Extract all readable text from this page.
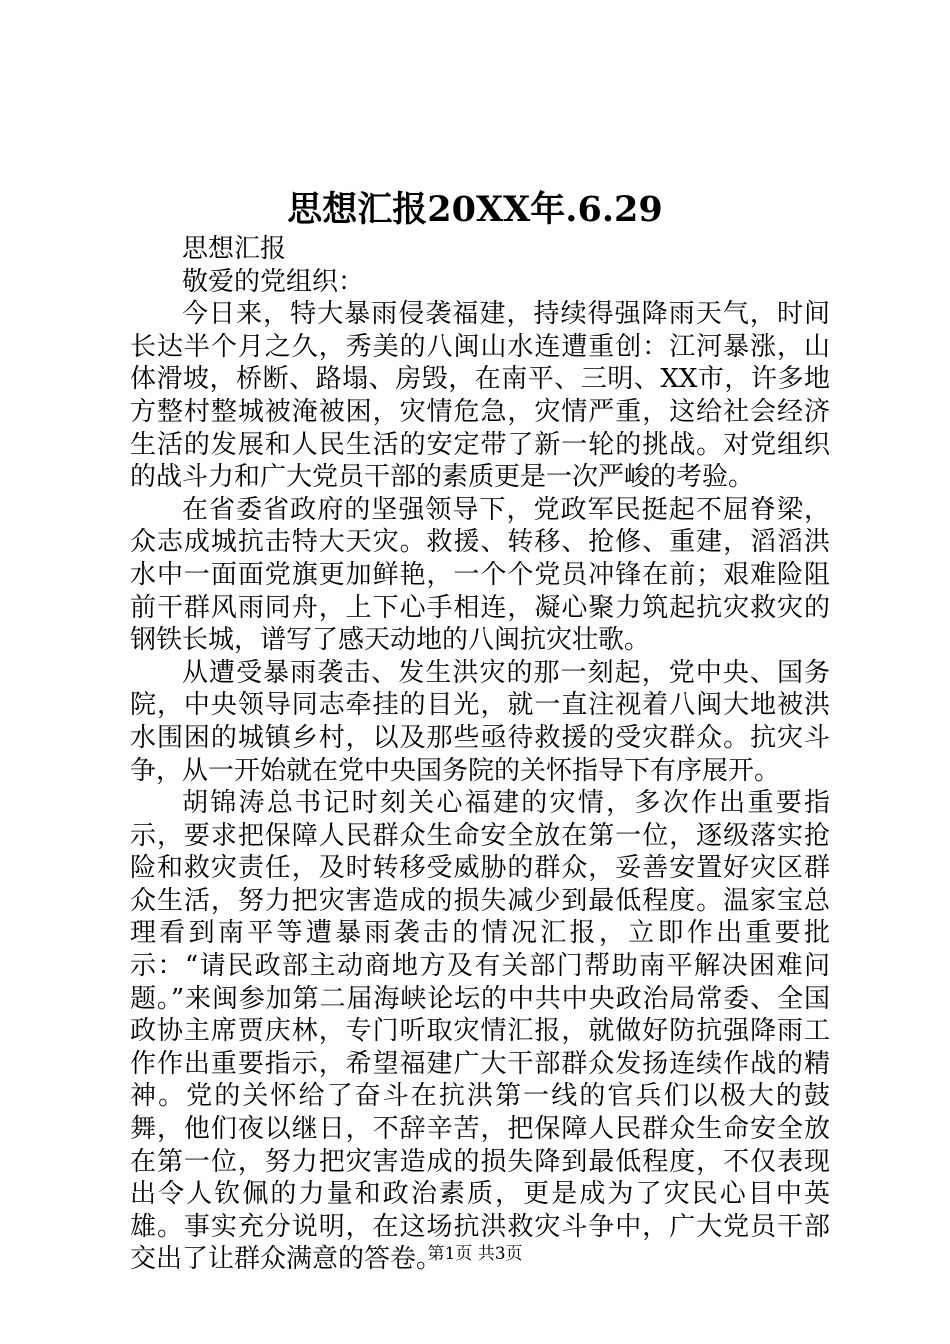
思想汇报20XX年.6.29

思想汇报

敬爱的党组织：

今日来，特大暴雨侵袭福建，持续得强降雨天气，时间长达半个月之久，秀美的八闽山水连遭重创：江河暴涨，山体滑坡，桥断、路塌、房毁，在南平、三明、XX市，许多地方整村整城被淹被困，灾情危急，灾情严重，这给社会经济生活的发展和人民生活的安定带了新一轮的挑战。对党组织的战斗力和广大党员干部的素质更是一次严峻的考验。

在省委省政府的坚强领导下，党政军民挺起不屈脊梁，众志成城抗击特大天灾。救援、转移、抢修、重建，滔滔洪水中一面面党旗更加鲜艳，一个个党员冲锋在前；艰难险阻前干群风雨同舟，上下心手相连，凝心聚力筑起抗灾救灾的钢铁长城，谱写了感天动地的八闽抗灾壮歌。

从遭受暴雨袭击、发生洪灾的那一刻起，党中央、国务院，中央领导同志牵挂的目光，就一直注视着八闽大地被洪水围困的城镇乡村，以及那些亟待救援的受灾群众。抗灾斗争，从一开始就在党中央国务院的关怀指导下有序展开。

胡锦涛总书记时刻关心福建的灾情，多次作出重要指示，要求把保障人民群众生命安全放在第一位，逐级落实抢险和救灾责任，及时转移受威胁的群众，妥善安置好灾区群众生活，努力把灾害造成的损失减少到最低程度。温家宝总理看到南平等遭暴雨袭击的情况汇报，立即作出重要批示：“请民政部主动商地方及有关部门帮助南平解决困难问题。”来闽参加第二届海峡论坛的中共中央政治局常委、全国政协主席贾庆林，专门听取灾情汇报，就做好防抗强降雨工作作出重要指示，希望福建广大干部群众发扬连续作战的精神。党的关怀给了奋斗在抗洪第一线的官兵们以极大的鼓舞，他们夜以继日，不辞辛苦，把保障人民群众生命安全放在第一位，努力把灾害造成的损失降到最低程度，不仅表现出令人钦佩的力量和政治素质，更是成为了灾民心目中英雄。事实充分说明，在这场抗洪救灾斗争中，广大党员干部交出了让群众满意的答卷。

第1页 共3页
